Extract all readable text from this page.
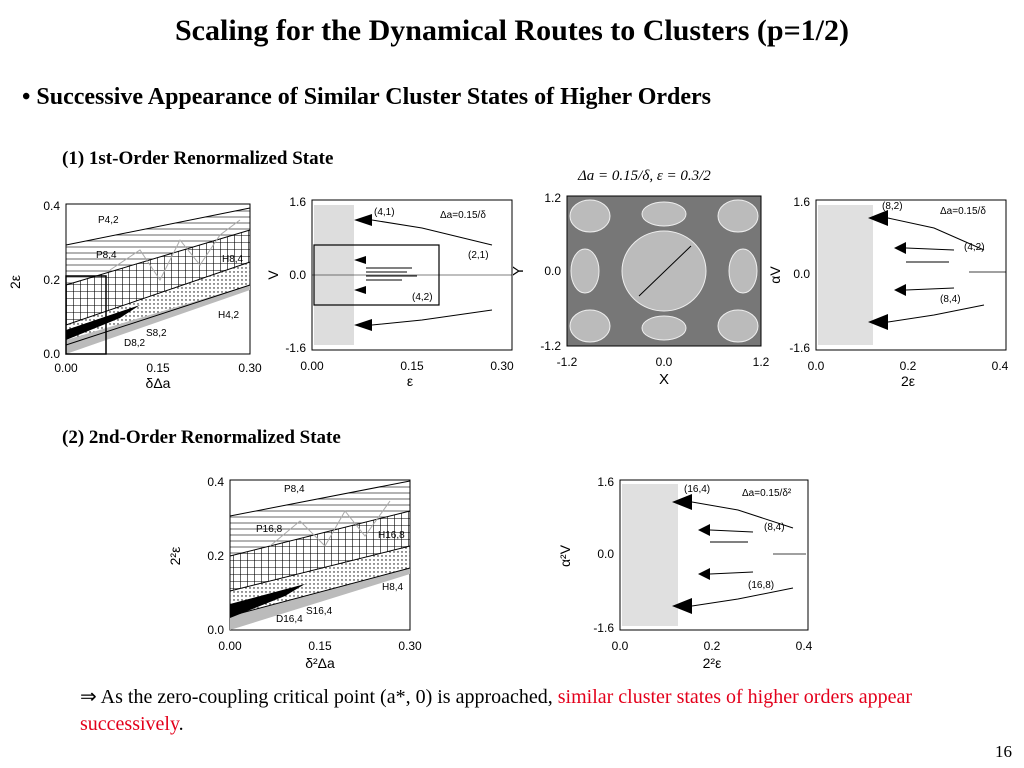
Scaling for the Dynamical Routes to Clusters (p=1/2)
• Successive Appearance of Similar Cluster States of Higher Orders
(1) 1st-Order Renormalized State
(2) 2nd-Order Renormalized State
Δa = 0.15/δ, ε = 0.3/2
0.4
0.2
0.0
0.00	0.15	0.30
2ε
δΔa
P4,2
P8,4	H8,4
H4,2
S8,2
D8,2
1.6
0.0
-1.6
0.00	0.15	0.30
V
ε
(4,1)
(2,1)
(4,2)
Δa=0.15/δ
1.2
0.0
-1.2
-1.2	0.0	1.2
Y
X
1.6
0.0
-1.6
0.0	0.2	0.4
αV
2ε
(8,2)
(4,2)
(8,4)
Δa=0.15/δ
0.4
0.2
0.0
0.00	0.15	0.30
2²ε
δ²Δa
P8,4
P16,8
H16,8
H8,4
S16,4
D16,4
1.6
0.0
-1.6
0.0	0.2	0.4
α²V
2²ε
(16,4)
(8,4)
(16,8)
Δa=0.15/δ²
⇒ As the zero-coupling critical point (a*, 0) is approached, similar cluster states of higher orders appear successively.
16
